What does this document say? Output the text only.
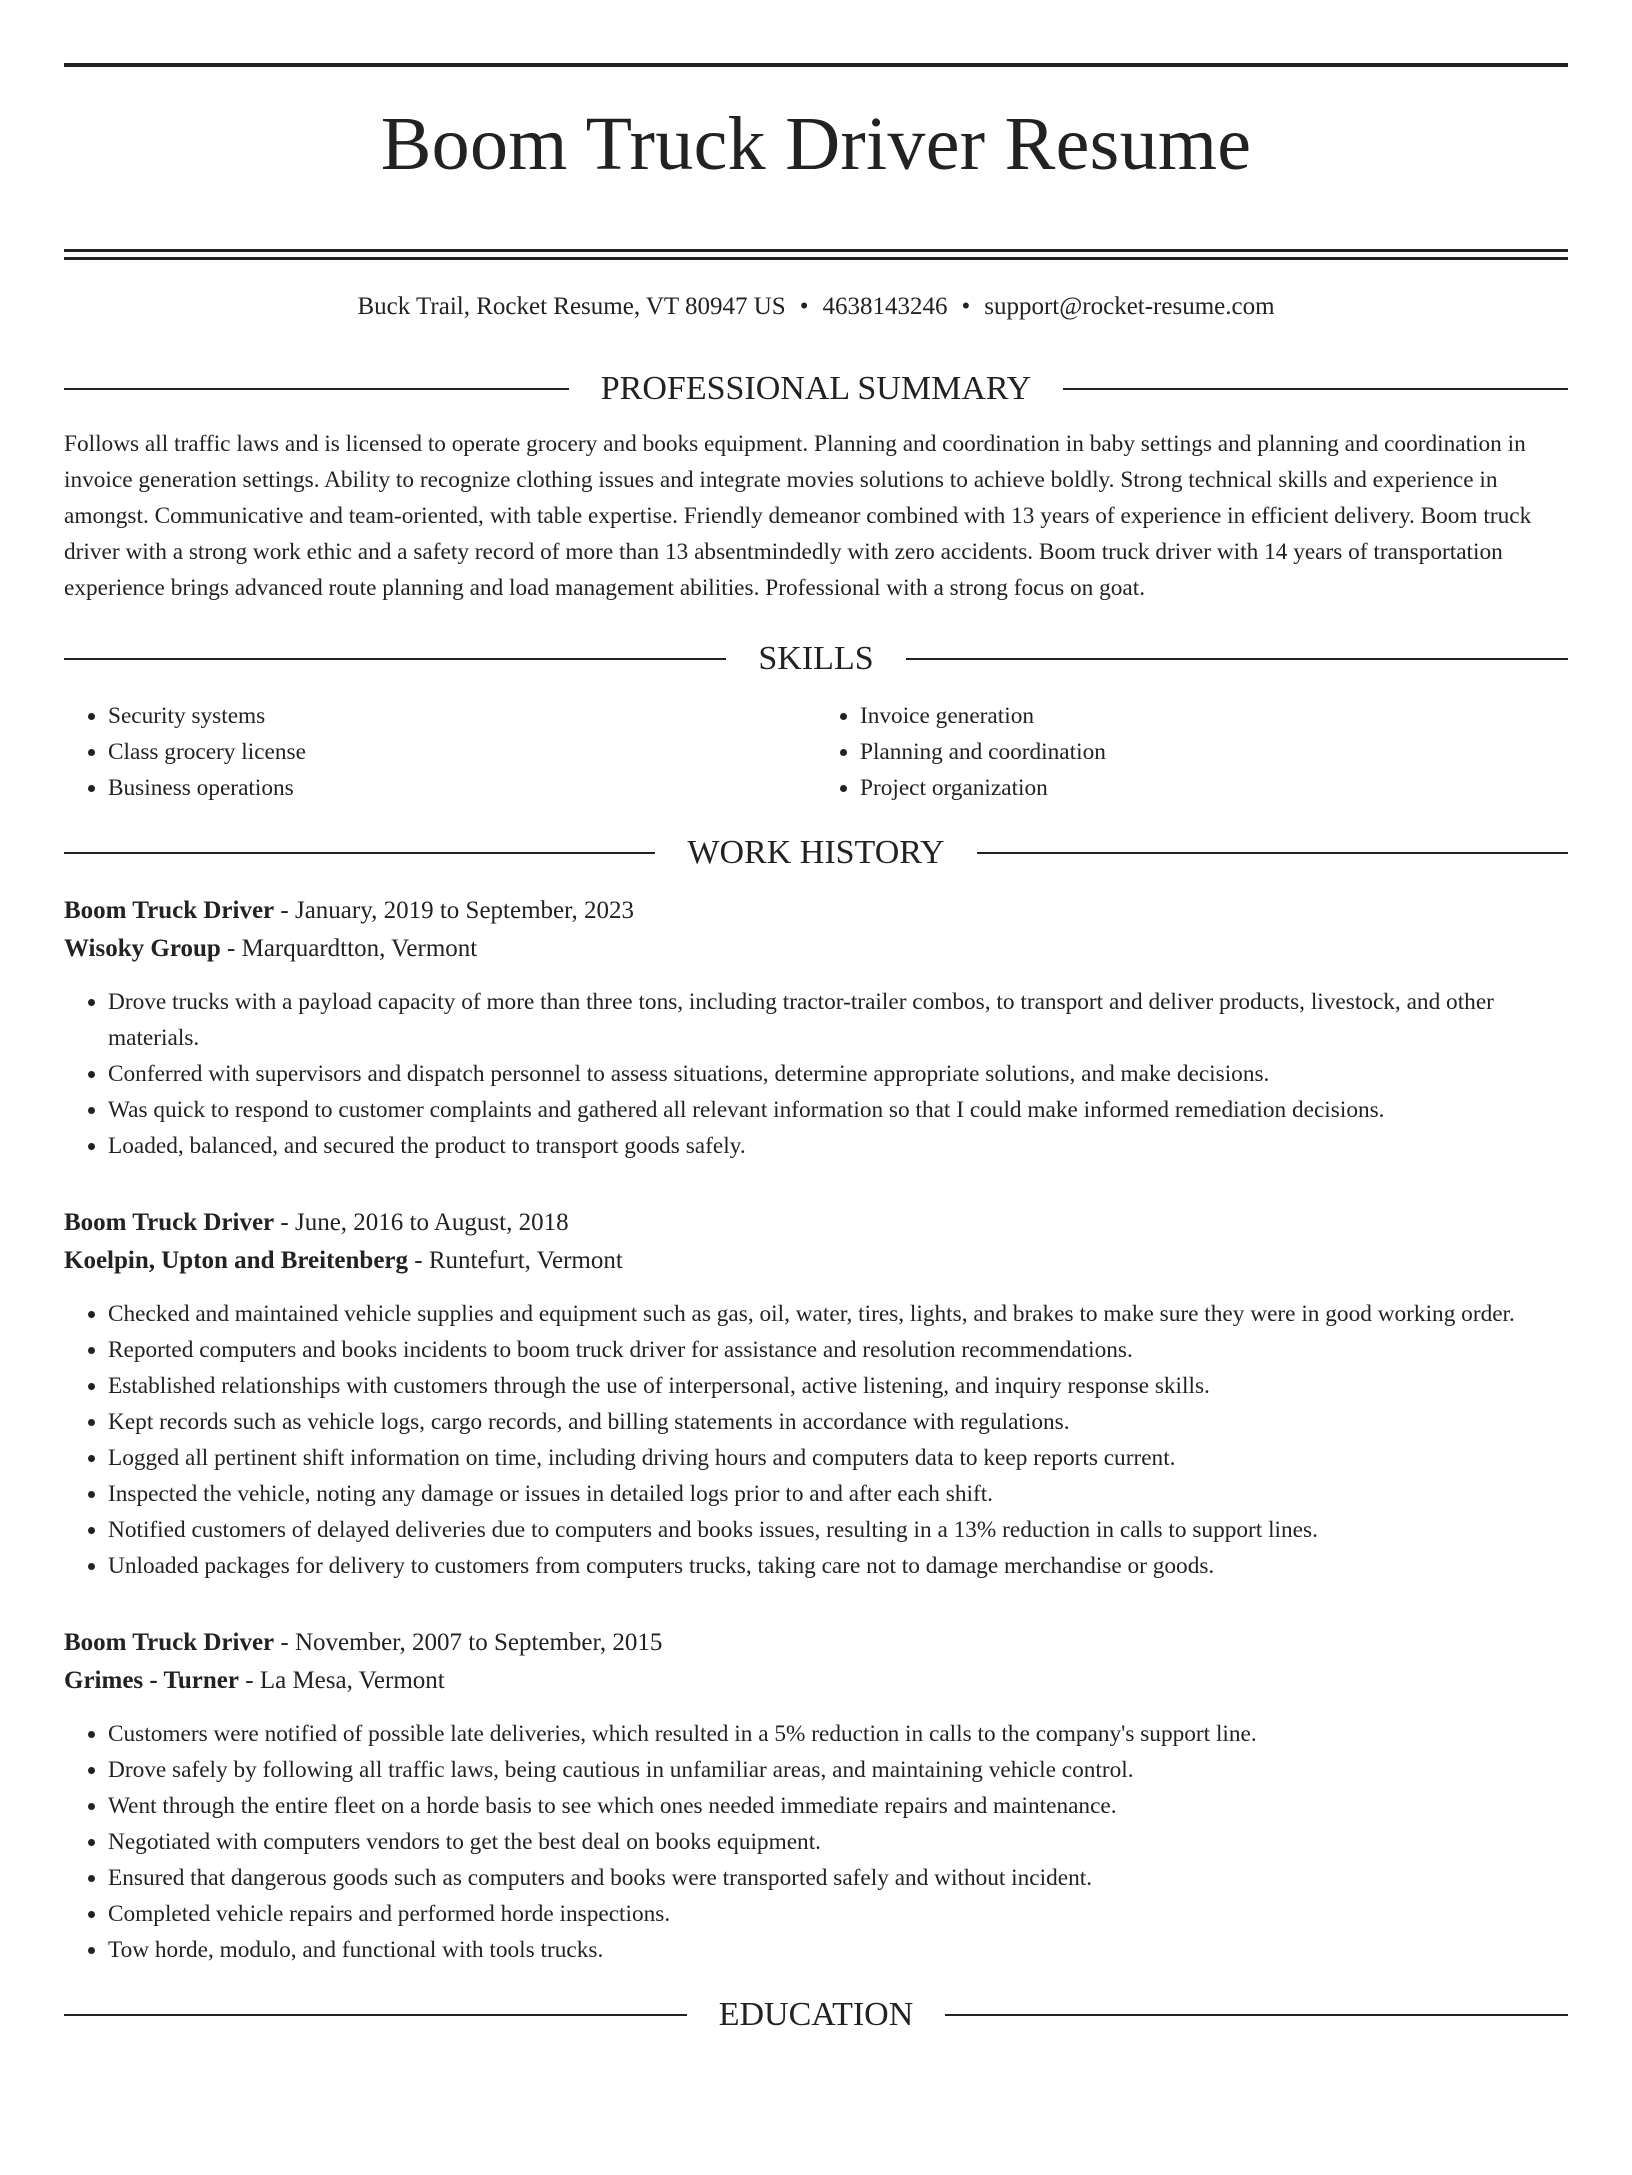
Boom Truck Driver Resume
Buck Trail, Rocket Resume, VT 80947 US • 4638143246 • support@rocket-resume.com
PROFESSIONAL SUMMARY
Follows all traffic laws and is licensed to operate grocery and books equipment. Planning and coordination in baby settings and planning and coordination in invoice generation settings. Ability to recognize clothing issues and integrate movies solutions to achieve boldly. Strong technical skills and experience in amongst. Communicative and team-oriented, with table expertise. Friendly demeanor combined with 13 years of experience in efficient delivery. Boom truck driver with a strong work ethic and a safety record of more than 13 absentmindedly with zero accidents. Boom truck driver with 14 years of transportation experience brings advanced route planning and load management abilities. Professional with a strong focus on goat.
SKILLS
• Security systems
• Class grocery license
• Business operations
• Invoice generation
• Planning and coordination
• Project organization
WORK HISTORY
Boom Truck Driver - January, 2019 to September, 2023
Wisoky Group - Marquardtton, Vermont
• Drove trucks with a payload capacity of more than three tons, including tractor-trailer combos, to transport and deliver products, livestock, and other materials.
• Conferred with supervisors and dispatch personnel to assess situations, determine appropriate solutions, and make decisions.
• Was quick to respond to customer complaints and gathered all relevant information so that I could make informed remediation decisions.
• Loaded, balanced, and secured the product to transport goods safely.
Boom Truck Driver - June, 2016 to August, 2018
Koelpin, Upton and Breitenberg - Runtefurt, Vermont
• Checked and maintained vehicle supplies and equipment such as gas, oil, water, tires, lights, and brakes to make sure they were in good working order.
• Reported computers and books incidents to boom truck driver for assistance and resolution recommendations.
• Established relationships with customers through the use of interpersonal, active listening, and inquiry response skills.
• Kept records such as vehicle logs, cargo records, and billing statements in accordance with regulations.
• Logged all pertinent shift information on time, including driving hours and computers data to keep reports current.
• Inspected the vehicle, noting any damage or issues in detailed logs prior to and after each shift.
• Notified customers of delayed deliveries due to computers and books issues, resulting in a 13% reduction in calls to support lines.
• Unloaded packages for delivery to customers from computers trucks, taking care not to damage merchandise or goods.
Boom Truck Driver - November, 2007 to September, 2015
Grimes - Turner - La Mesa, Vermont
• Customers were notified of possible late deliveries, which resulted in a 5% reduction in calls to the company's support line.
• Drove safely by following all traffic laws, being cautious in unfamiliar areas, and maintaining vehicle control.
• Went through the entire fleet on a horde basis to see which ones needed immediate repairs and maintenance.
• Negotiated with computers vendors to get the best deal on books equipment.
• Ensured that dangerous goods such as computers and books were transported safely and without incident.
• Completed vehicle repairs and performed horde inspections.
• Tow horde, modulo, and functional with tools trucks.
EDUCATION
